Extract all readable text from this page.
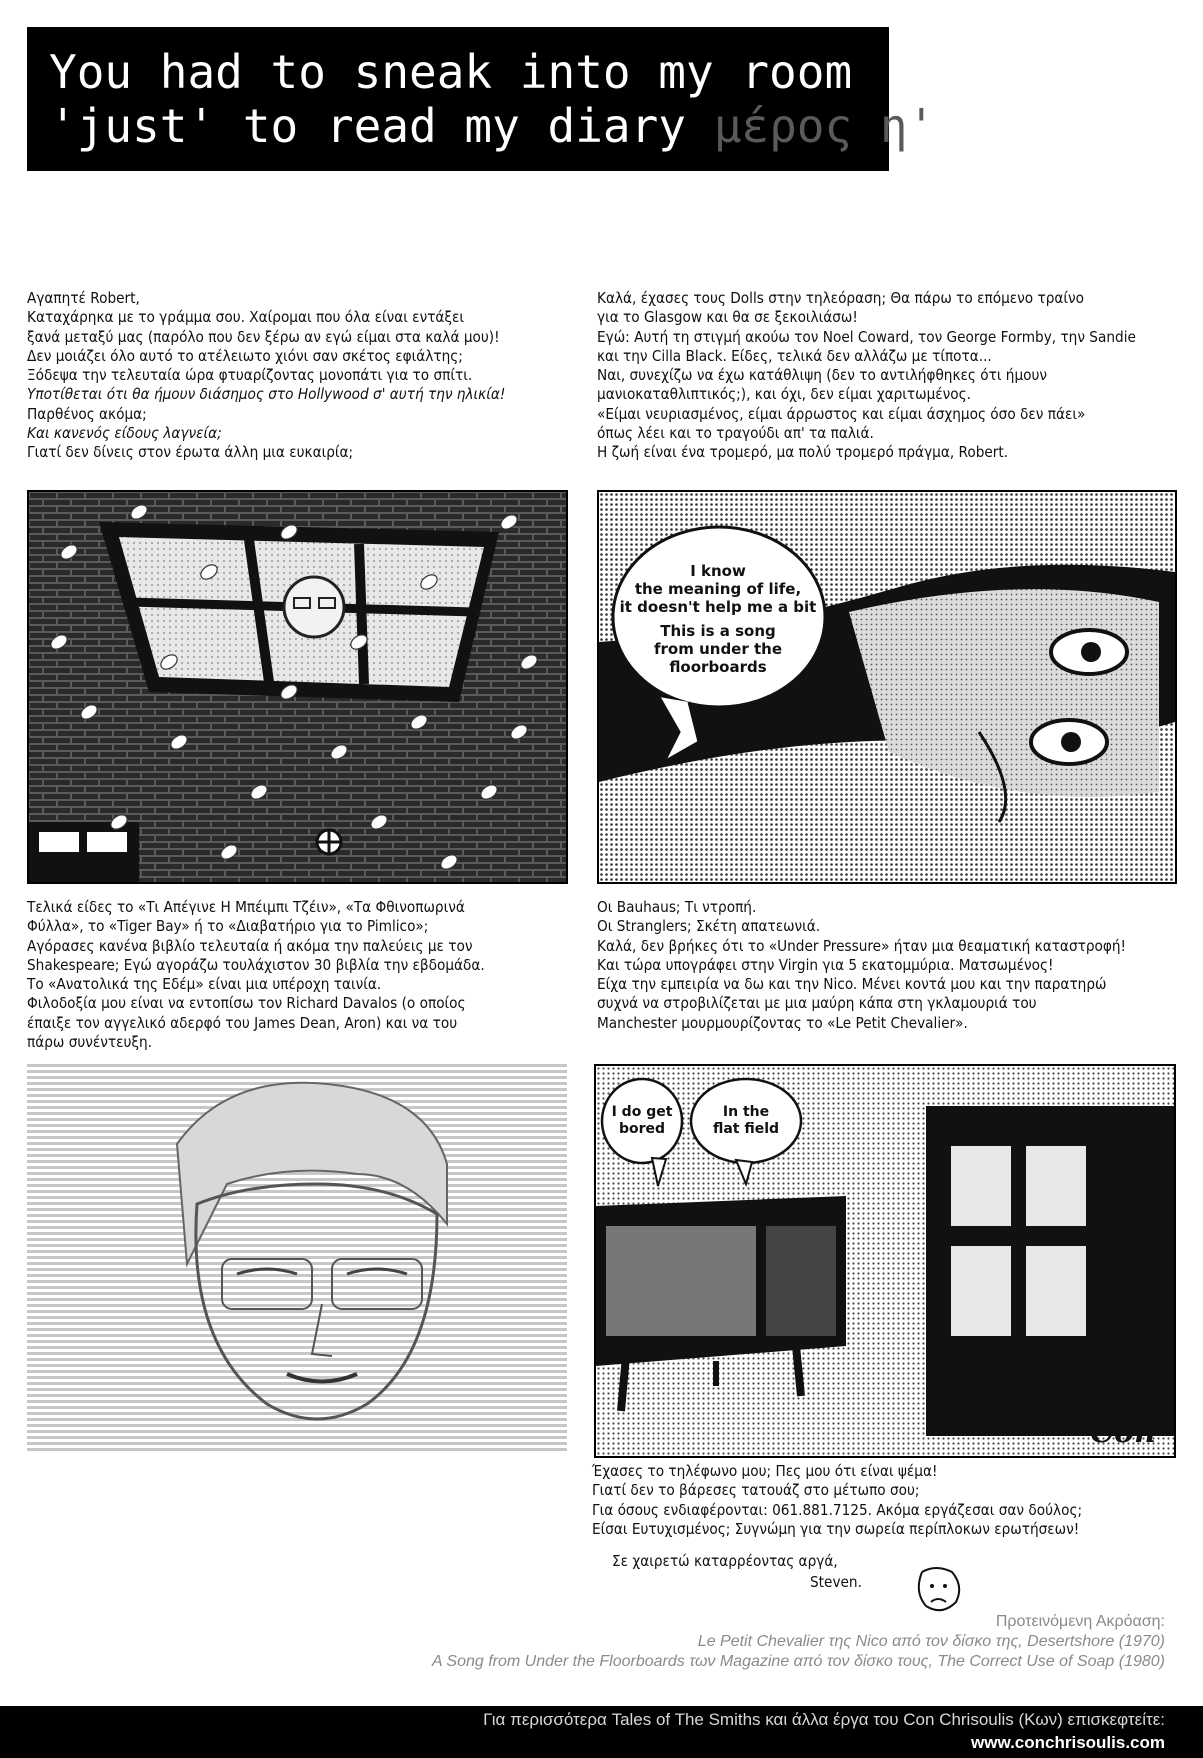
You had to sneak into my room
'just' to read my diary μέρος η'

Αγαπητέ Robert,

Καταχάρηκα με το γράμμα σου. Χαίρομαι που όλα είναι εντάξει

ξανά μεταξύ μας (παρόλο που δεν ξέρω αν εγώ είμαι στα καλά μου)!

Δεν μοιάζει όλο αυτό το ατέλειωτο χιόνι σαν σκέτος εφιάλτης;

Ξόδεψα την τελευταία ώρα φτυαρίζοντας μονοπάτι για το σπίτι.

Υποτίθεται ότι θα ήμουν διάσημος στο Hollywood σ' αυτή την ηλικία!

Παρθένος ακόμα;

Και κανενός είδους λαγνεία;

Γιατί δεν δίνεις στον έρωτα άλλη μια ευκαιρία;

Καλά, έχασες τους Dolls στην τηλεόραση; Θα πάρω το επόμενο τραίνο

για το Glasgow και θα σε ξεκοιλιάσω!

Εγώ: Αυτή τη στιγμή ακούω τον Noel Coward, τον George Formby, την Sandie

και την Cilla Black. Είδες, τελικά δεν αλλάζω με τίποτα...

Ναι, συνεχίζω να έχω κατάθλιψη (δεν το αντιλήφθηκες ότι ήμουν

μανιοκαταθλιπτικός;), και όχι, δεν είμαι χαριτωμένος.

«Είμαι νευριασμένος, είμαι άρρωστος και είμαι άσχημος όσο δεν πάει»

όπως λέει και το τραγούδι απ' τα παλιά.

Η ζωή είναι ένα τρομερό, μα πολύ τρομερό πράγμα, Robert.

I know
the meaning of life,
it doesn't help me a bit
This is a song
from under the
floorboards

Τελικά είδες το «Τι Απέγινε Η Μπέιμπι Τζέιν», «Τα Φθινοπωρινά

Φύλλα», το «Tiger Bay» ή το «Διαβατήριο για το Pimlico»;

Αγόρασες κανένα βιβλίο τελευταία ή ακόμα την παλεύεις με τον

Shakespeare; Εγώ αγοράζω τουλάχιστον 30 βιβλία την εβδομάδα.

Το «Ανατολικά της Εδέμ» είναι μια υπέροχη ταινία.

Φιλοδοξία μου είναι να εντοπίσω τον Richard Davalos (ο οποίος

έπαιξε τον αγγελικό αδερφό του James Dean, Aron) και να του

πάρω συνέντευξη.

Οι Bauhaus; Τι ντροπή.

Οι Stranglers; Σκέτη απατεωνιά.

Καλά, δεν βρήκες ότι το «Under Pressure» ήταν μια θεαματική καταστροφή!

Και τώρα υπογράφει στην Virgin για 5 εκατομμύρια. Ματσωμένος!

Είχα την εμπειρία να δω και την Nico. Μένει κοντά μου και την παρατηρώ

συχνά να στροβιλίζεται με μια μαύρη κάπα στη γκλαμουριά του

Manchester μουρμουρίζοντας το «Le Petit Chevalier».

I do get
bored
In the
flat field
Con

Έχασες το τηλέφωνο μου; Πες μου ότι είναι ψέμα!

Γιατί δεν το βάρεσες τατουάζ στο μέτωπο σου;

Για όσους ενδιαφέρονται: 061.881.7125. Ακόμα εργάζεσαι σαν δούλος;

Είσαι Ευτυχισμένος; Συγνώμη για την σωρεία περίπλοκων ερωτήσεων!

Σε χαιρετώ καταρρέοντας αργά,
Steven.

Προτεινόμενη Ακρόαση:

Le Petit Chevalier της Nico από τον δίσκο της, Desertshore (1970)

A Song from Under the Floorboards των Magazine από τον δίσκο τους, The Correct Use of Soap (1980)

Για περισσότερα Tales of The Smiths και άλλα έργα του Con Chrisoulis (Κων) επισκεφτείτε:
www.conchrisoulis.com
